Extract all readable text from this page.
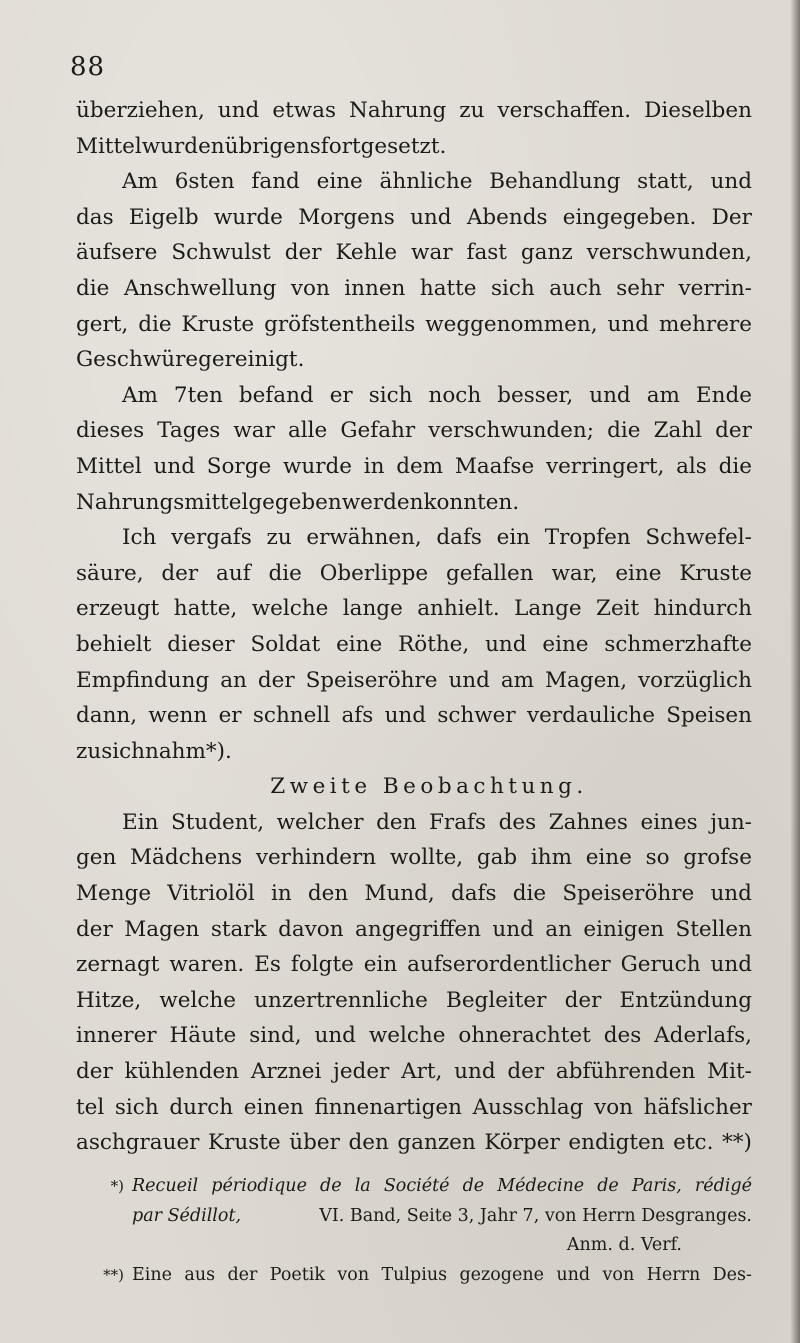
88
überziehen, und etwas Nahrung zu verschaffen. Dieselben
Mittel wurden übrigens fortgesetzt.
Am 6sten fand eine ähnliche Behandlung statt, und
das Eigelb wurde Morgens und Abends eingegeben. Der
äufsere Schwulst der Kehle war fast ganz verschwunden,
die Anschwellung von innen hatte sich auch sehr verrin-
gert, die Kruste gröfstentheils weggenommen, und mehrere
Geschwüre gereinigt.
Am 7ten befand er sich noch besser, und am Ende
dieses Tages war alle Gefahr verschwunden; die Zahl der
Mittel und Sorge wurde in dem Maafse verringert, als die
Nahrungsmittel gegeben werden konnten.
Ich vergafs zu erwähnen, dafs ein Tropfen Schwefel-
säure, der auf die Oberlippe gefallen war, eine Kruste
erzeugt hatte, welche lange anhielt. Lange Zeit hindurch
behielt dieser Soldat eine Röthe, und eine schmerzhafte
Empfindung an der Speiseröhre und am Magen, vorzüglich
dann, wenn er schnell afs und schwer verdauliche Speisen
zu sich nahm *).
Zweite Beobachtung.
Ein Student, welcher den Frafs des Zahnes eines jun-
gen Mädchens verhindern wollte, gab ihm eine so grofse
Menge Vitriolöl in den Mund, dafs die Speiseröhre und
der Magen stark davon angegriffen und an einigen Stellen
zernagt waren. Es folgte ein aufserordentlicher Geruch und
Hitze, welche unzertrennliche Begleiter der Entzündung
innerer Häute sind, und welche ohnerachtet des Aderlafs,
der kühlenden Arznei jeder Art, und der abführenden Mit-
tel sich durch einen finnenartigen Ausschlag von häfslicher
aschgrauer Kruste über den ganzen Körper endigten etc. **)
*) Recueil périodique de la Société de Médecine de Paris, rédigé
par Sédillot,	VI. Band, Seite 3, Jahr 7, von Herrn Desgranges.
Anm. d. Verf.
**) Eine aus der Poetik von Tulpius gezogene und von Herrn Des-
